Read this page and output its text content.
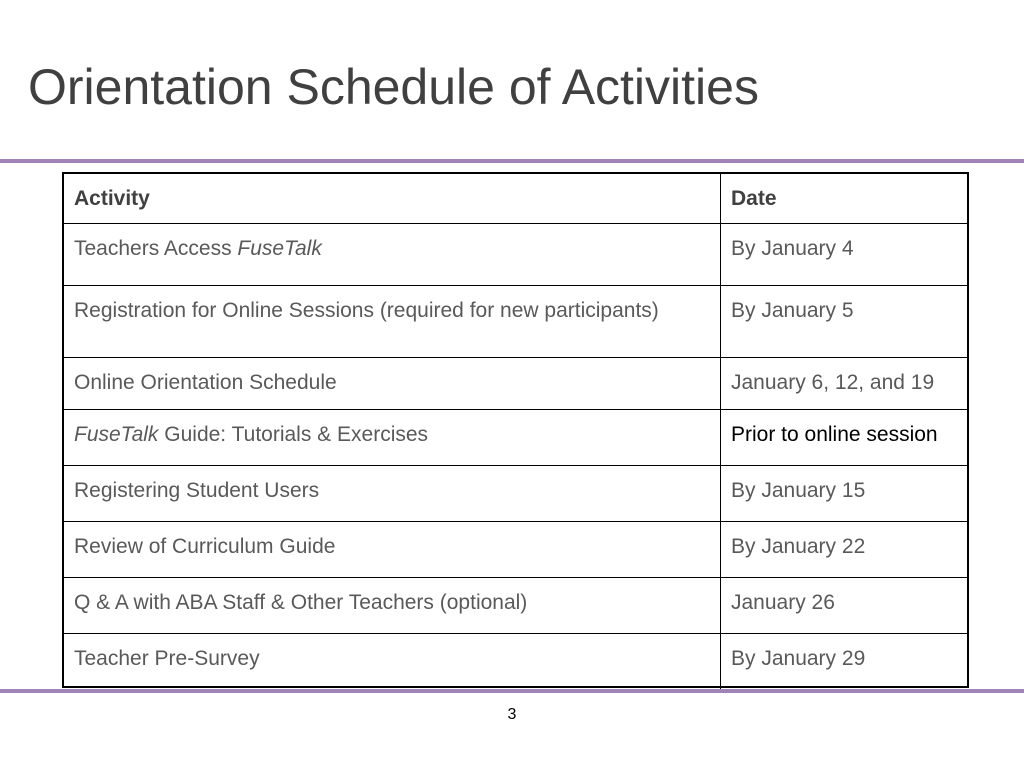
Orientation Schedule of Activities
Activity	Date
Teachers Access FuseTalk	By January 4
Registration for Online Sessions (required for new participants)	By January 5
Online Orientation Schedule	January 6, 12, and 19
FuseTalk Guide: Tutorials & Exercises	Prior to online session
Registering Student Users	By January 15
Review of Curriculum Guide	By January 22
Q & A with ABA Staff & Other Teachers (optional)	January 26
Teacher Pre-Survey	By January 29
3
